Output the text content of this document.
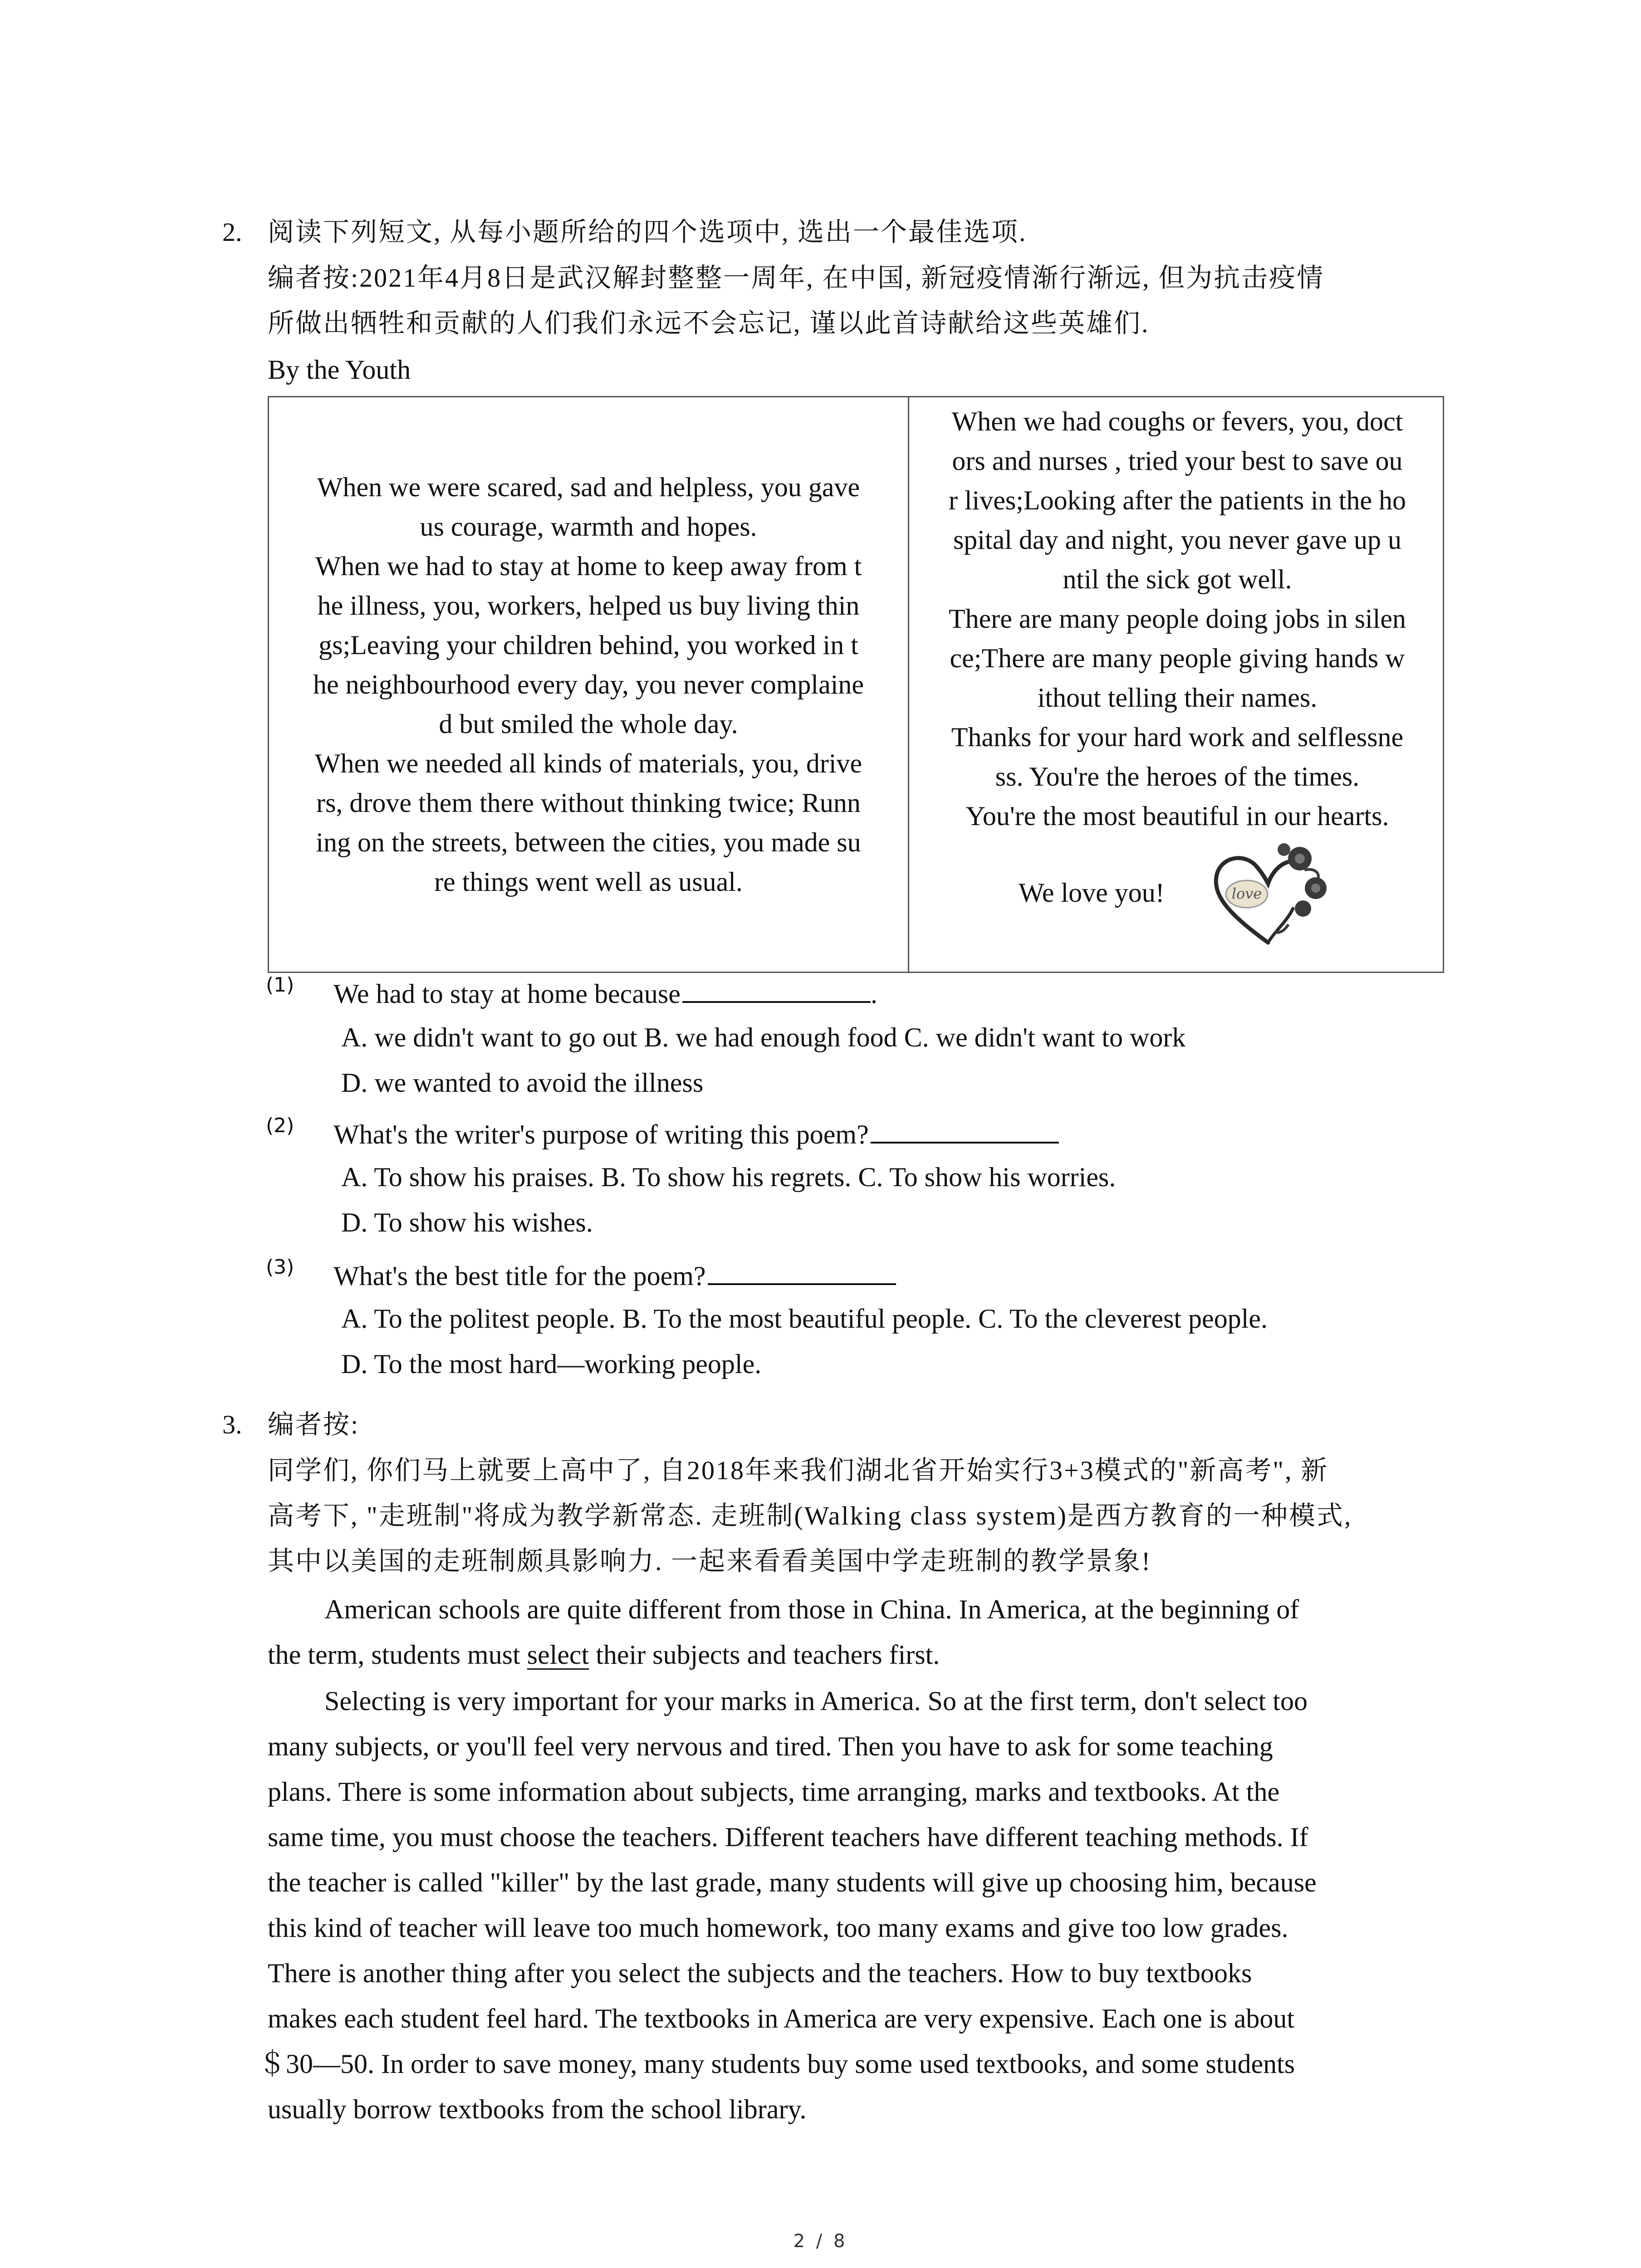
2. 阅读下列短文, 从每小题所给的四个选项中, 选出一个最佳选项.
编者按:2021年4月8日是武汉解封整整一周年, 在中国, 新冠疫情渐行渐远, 但为抗击疫情
所做出牺牲和贡献的人们我们永远不会忘记, 谨以此首诗献给这些英雄们.
By the Youth
When we were scared, sad and helpless, you gave
us courage, warmth and hopes.
When we had to stay at home to keep away from t
he illness, you, workers, helped us buy living thin
gs;Leaving your children behind, you worked in t
he neighbourhood every day, you never complaine
d but smiled the whole day.
When we needed all kinds of materials, you, drive
rs, drove them there without thinking twice; Runn
ing on the streets, between the cities, you made su
re things went well as usual.
When we had coughs or fevers, you, doct
ors and nurses , tried your best to save ou
r lives;Looking after the patients in the ho
spital day and night, you never gave up u
ntil the sick got well.
There are many people doing jobs in silen
ce;There are many people giving hands w
ithout telling their names.
Thanks for your hard work and selflessne
ss. You're the heroes of the times.
You're the most beautiful in our hearts.
We love you!	love
(1) We had to stay at home because	.
A. we didn't want to go out B. we had enough food C. we didn't want to work
D. we wanted to avoid the illness
(2) What's the writer's purpose of writing this poem?
A. To show his praises. B. To show his regrets. C. To show his worries.
D. To show his wishes.
(3) What's the best title for the poem?
A. To the politest people. B. To the most beautiful people. C. To the cleverest people.
D. To the most hard—working people.
3. 编者按:
同学们, 你们马上就要上高中了, 自2018年来我们湖北省开始实行3+3模式的"新高考", 新
高考下, "走班制"将成为教学新常态. 走班制(Walking class system)是西方教育的一种模式,
其中以美国的走班制颇具影响力. 一起来看看美国中学走班制的教学景象!
American schools are quite different from those in China. In America, at the beginning of
the term, students must select their subjects and teachers first.
Selecting is very important for your marks in America. So at the first term, don't select too
many subjects, or you'll feel very nervous and tired. Then you have to ask for some teaching
plans. There is some information about subjects, time arranging, marks and textbooks. At the
same time, you must choose the teachers. Different teachers have different teaching methods. If
the teacher is called "killer" by the last grade, many students will give up choosing him, because
this kind of teacher will leave too much homework, too many exams and give too low grades.
There is another thing after you select the subjects and the teachers. How to buy textbooks
makes each student feel hard. The textbooks in America are very expensive. Each one is about
＄30—50. In order to save money, many students buy some used textbooks, and some students
usually borrow textbooks from the school library.
2 / 8
